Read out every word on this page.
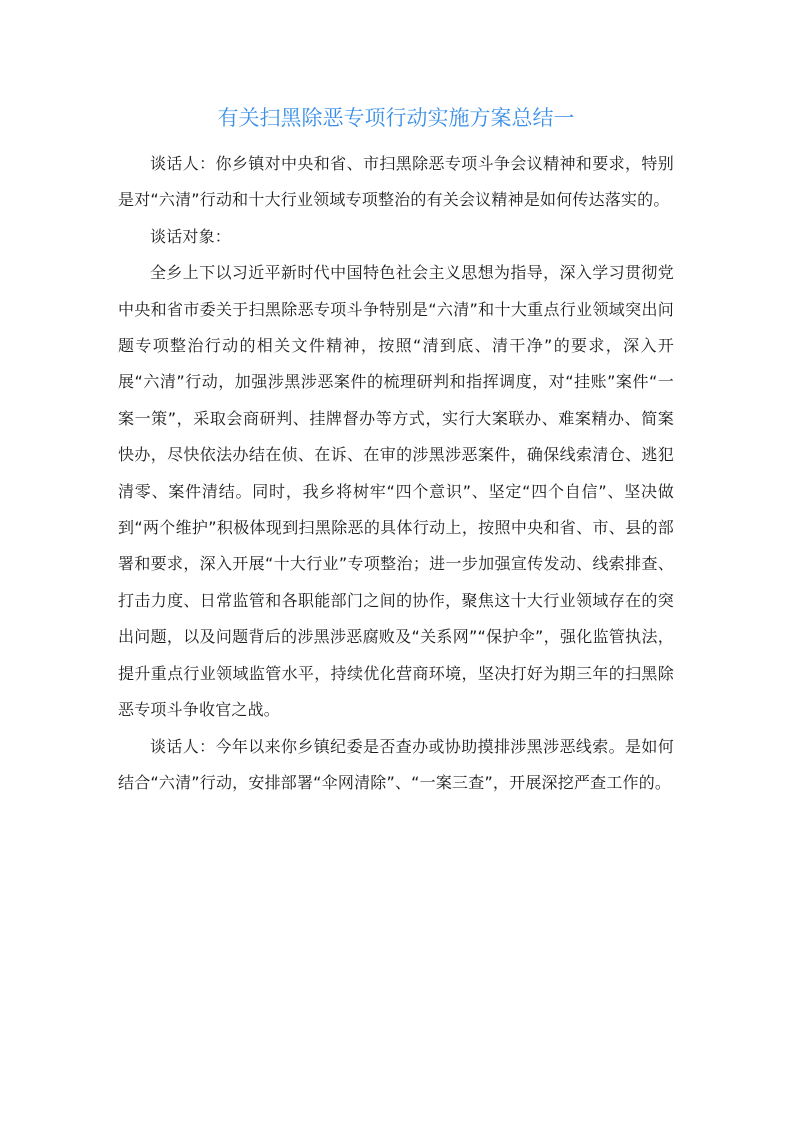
有关扫黑除恶专项行动实施方案总结一

谈话人：你乡镇对中央和省、市扫黑除恶专项斗争会议精神和要求，特别是对“六清”行动和十大行业领域专项整治的有关会议精神是如何传达落实的。

谈话对象：

全乡上下以习近平新时代中国特色社会主义思想为指导，深入学习贯彻党中央和省市委关于扫黑除恶专项斗争特别是“六清”和十大重点行业领域突出问题专项整治行动的相关文件精神，按照“清到底、清干净”的要求，深入开展“六清”行动，加强涉黑涉恶案件的梳理研判和指挥调度，对“挂账”案件“一案一策”，采取会商研判、挂牌督办等方式，实行大案联办、难案精办、简案快办，尽快依法办结在侦、在诉、在审的涉黑涉恶案件，确保线索清仓、逃犯清零、案件清结。同时，我乡将树牢“四个意识”、坚定“四个自信”、坚决做到“两个维护”积极体现到扫黑除恶的具体行动上，按照中央和省、市、县的部署和要求，深入开展“十大行业”专项整治；进一步加强宣传发动、线索排查、打击力度、日常监管和各职能部门之间的协作，聚焦这十大行业领域存在的突出问题，以及问题背后的涉黑涉恶腐败及“关系网”“保护伞”，强化监管执法，提升重点行业领域监管水平，持续优化营商环境，坚决打好为期三年的扫黑除恶专项斗争收官之战。

谈话人：今年以来你乡镇纪委是否查办或协助摸排涉黑涉恶线索。是如何结合“六清”行动，安排部署“伞网清除”、“一案三查”，开展深挖严查工作的。
